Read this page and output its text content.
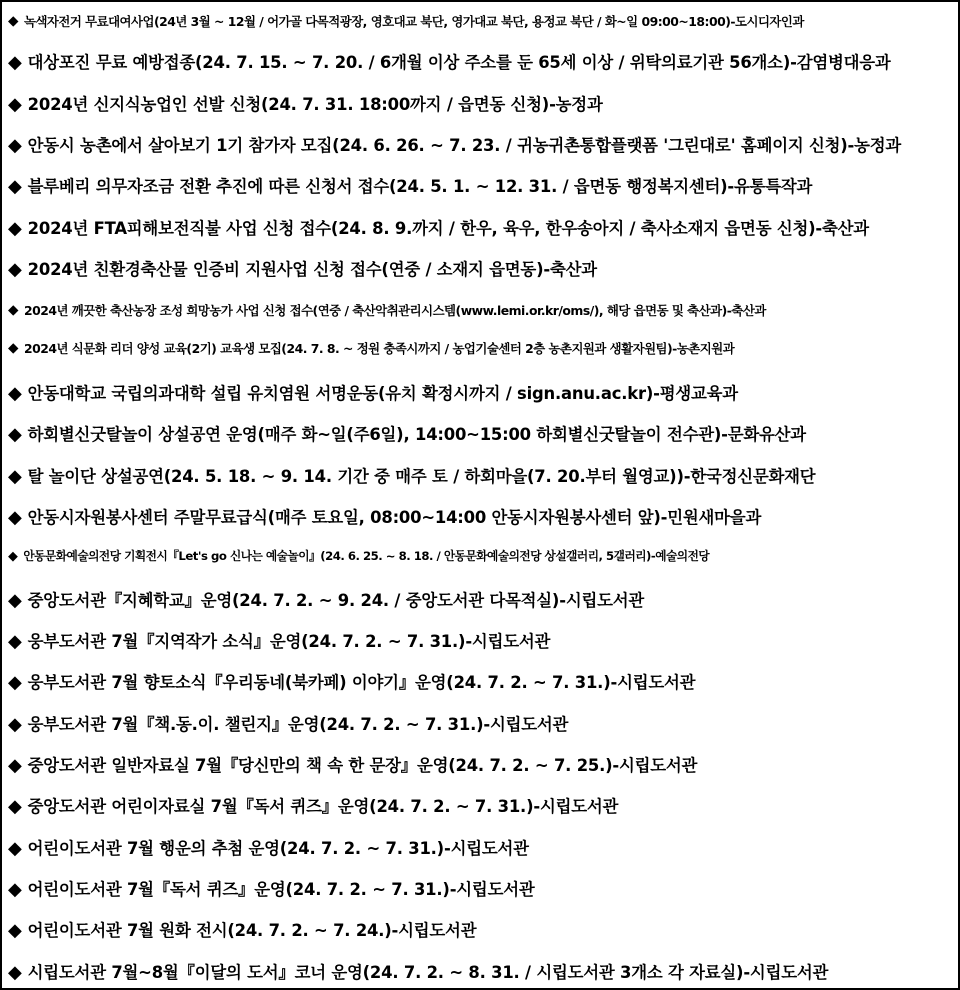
◆ 녹색자전거 무료대여사업(24년 3월 ~ 12월 / 어가골 다목적광장, 영호대교 북단, 영가대교 북단, 용정교 북단 / 화~일 09:00~18:00)-도시디자인과
◆ 대상포진 무료 예방접종(24. 7. 15. ~ 7. 20. / 6개월 이상 주소를 둔 65세 이상 / 위탁의료기관 56개소)-감염병대응과
◆ 2024년 신지식농업인 선발 신청(24. 7. 31. 18:00까지 / 읍면동 신청)-농정과
◆ 안동시 농촌에서 살아보기 1기 참가자 모집(24. 6. 26. ~ 7. 23. / 귀농귀촌통합플랫폼 '그린대로' 홈페이지 신청)-농정과
◆ 블루베리 의무자조금 전환 추진에 따른 신청서 접수(24. 5. 1. ~ 12. 31. / 읍면동 행정복지센터)-유통특작과
◆ 2024년 FTA피해보전직불 사업 신청 접수(24. 8. 9.까지 / 한우, 육우, 한우송아지 / 축사소재지 읍면동 신청)-축산과
◆ 2024년 친환경축산물 인증비 지원사업 신청 접수(연중 / 소재지 읍면동)-축산과
◆ 2024년 깨끗한 축산농장 조성 희망농가 사업 신청 접수(연중 / 축산악취관리시스템(www.lemi.or.kr/oms/), 해당 읍면동 및 축산과)-축산과
◆ 2024년 식문화 리더 양성 교육(2기) 교육생 모집(24. 7. 8. ~ 정원 충족시까지 / 농업기술센터 2층 농촌지원과 생활자원팀)-농촌지원과
◆ 안동대학교 국립의과대학 설립 유치염원 서명운동(유치 확정시까지 / sign.anu.ac.kr)-평생교육과
◆ 하회별신굿탈놀이 상설공연 운영(매주 화~일(주6일), 14:00~15:00 하회별신굿탈놀이 전수관)-문화유산과
◆ 탈 놀이단 상설공연(24. 5. 18. ~ 9. 14. 기간 중 매주 토 / 하회마을(7. 20.부터 월영교))-한국정신문화재단
◆ 안동시자원봉사센터 주말무료급식(매주 토요일, 08:00~14:00 안동시자원봉사센터 앞)-민원새마을과
◆ 안동문화예술의전당 기획전시『Let's go 신나는 예술놀이』(24. 6. 25. ~ 8. 18. / 안동문화예술의전당 상설갤러리, 5갤러리)-예술의전당
◆ 중앙도서관『지혜학교』운영(24. 7. 2. ~ 9. 24. / 중앙도서관 다목적실)-시립도서관
◆ 웅부도서관 7월『지역작가 소식』운영(24. 7. 2. ~ 7. 31.)-시립도서관
◆ 웅부도서관 7월 향토소식『우리동네(북카페) 이야기』운영(24. 7. 2. ~ 7. 31.)-시립도서관
◆ 웅부도서관 7월『책.동.이. 챌린지』운영(24. 7. 2. ~ 7. 31.)-시립도서관
◆ 중앙도서관 일반자료실 7월『당신만의 책 속 한 문장』운영(24. 7. 2. ~ 7. 25.)-시립도서관
◆ 중앙도서관 어린이자료실 7월『독서 퀴즈』운영(24. 7. 2. ~ 7. 31.)-시립도서관
◆ 어린이도서관 7월 행운의 추첨 운영(24. 7. 2. ~ 7. 31.)-시립도서관
◆ 어린이도서관 7월『독서 퀴즈』운영(24. 7. 2. ~ 7. 31.)-시립도서관
◆ 어린이도서관 7월 원화 전시(24. 7. 2. ~ 7. 24.)-시립도서관
◆ 시립도서관 7월~8월『이달의 도서』코너 운영(24. 7. 2. ~ 8. 31. / 시립도서관 3개소 각 자료실)-시립도서관
